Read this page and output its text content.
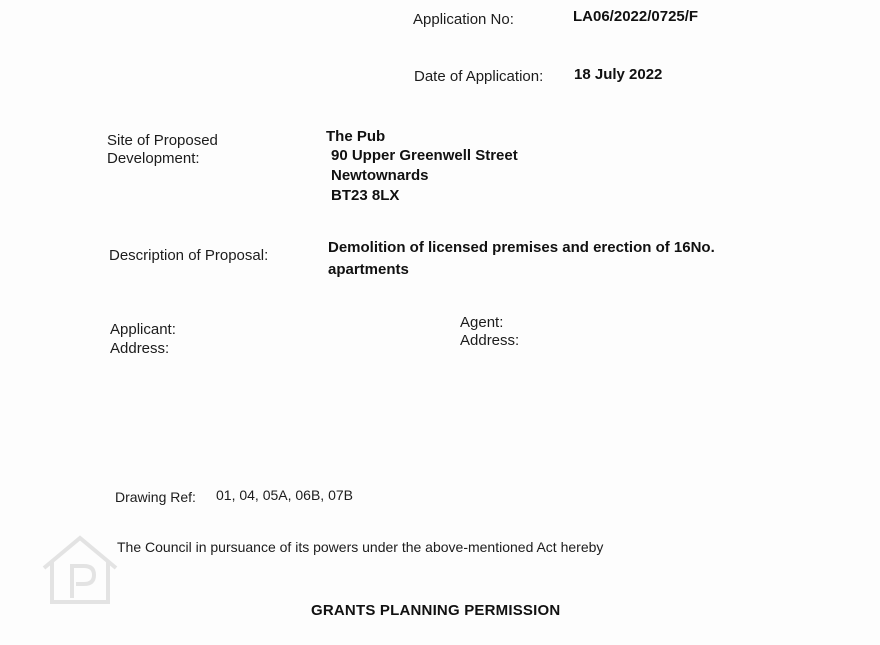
Application No:	LA06/2022/0725/F
Date of Application: 18 July 2022
Site of Proposed
Development:
The Pub
90 Upper Greenwell Street
Newtownards
BT23 8LX
Description of Proposal:	Demolition of licensed premises and erection of 16No.
apartments
Applicant:
Address:
Agent:
Address:
Drawing Ref: 01, 04, 05A, 06B, 07B
The Council in pursuance of its powers under the above-mentioned Act hereby
GRANTS PLANNING PERMISSION
